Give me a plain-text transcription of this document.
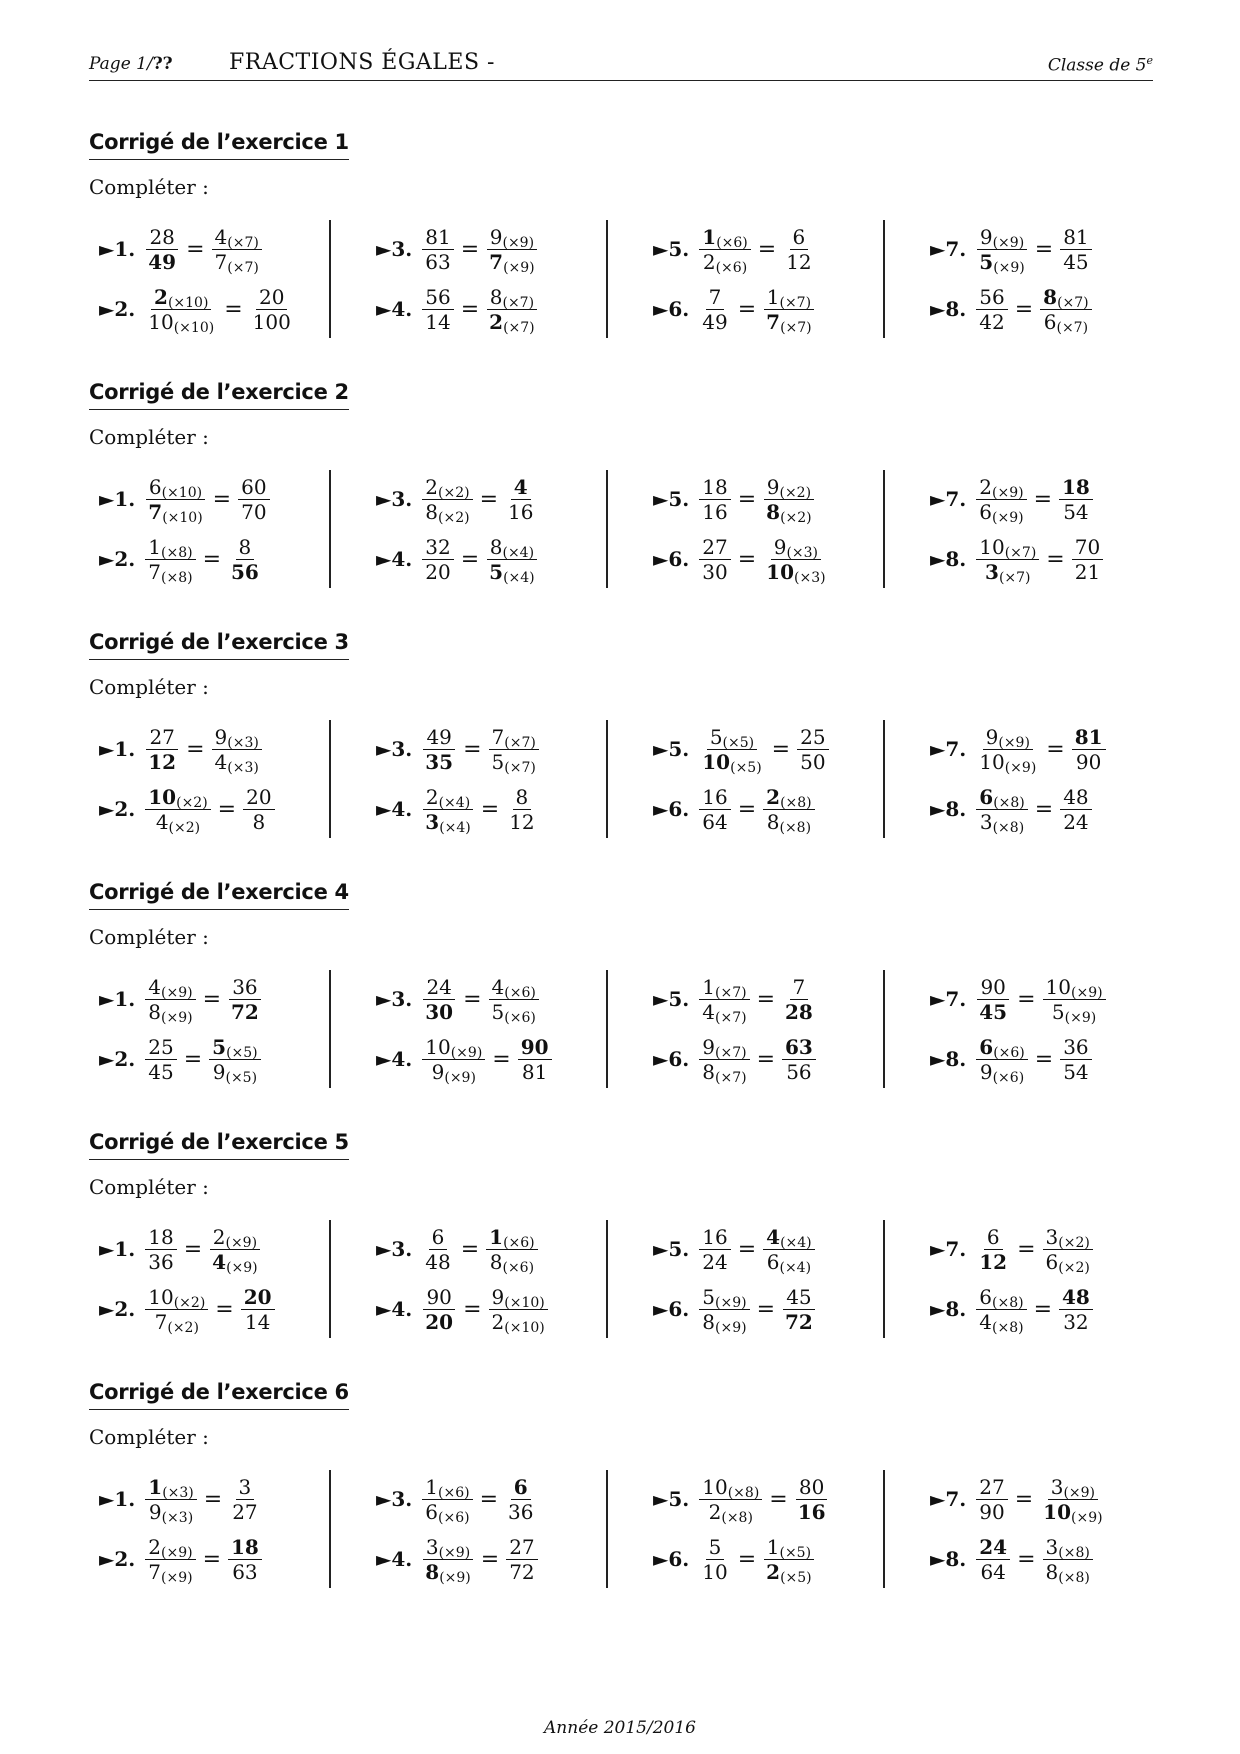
Page 1/??	FRACTIONS ÉGALES -	Classe de 5e
Corrigé de l’exercice 1
Compléter :
►1. $\frac{28}{49} = \frac{4_{(\times 7)}}{7_{(\times 7)}}$
►2. $\frac{2_{(\times 10)}}{10_{(\times 10)}} = \frac{20}{100}$
►3. $\frac{81}{63} = \frac{9_{(\times 9)}}{7_{(\times 9)}}$
►4. $\frac{56}{14} = \frac{8_{(\times 7)}}{2_{(\times 7)}}$
►5. $\frac{1_{(\times 6)}}{2_{(\times 6)}} = \frac{6}{12}$
►6. $\frac{7}{49} = \frac{1_{(\times 7)}}{7_{(\times 7)}}$
►7. $\frac{9_{(\times 9)}}{5_{(\times 9)}} = \frac{81}{45}$
►8. $\frac{56}{42} = \frac{8_{(\times 7)}}{6_{(\times 7)}}$
Corrigé de l’exercice 2
Compléter :
►1. $\frac{6_{(\times 10)}}{7_{(\times 10)}} = \frac{60}{70}$
►2. $\frac{1_{(\times 8)}}{7_{(\times 8)}} = \frac{8}{56}$
►3. $\frac{2_{(\times 2)}}{8_{(\times 2)}} = \frac{4}{16}$
►4. $\frac{32}{20} = \frac{8_{(\times 4)}}{5_{(\times 4)}}$
►5. $\frac{18}{16} = \frac{9_{(\times 2)}}{8_{(\times 2)}}$
►6. $\frac{27}{30} = \frac{9_{(\times 3)}}{10_{(\times 3)}}$
►7. $\frac{2_{(\times 9)}}{6_{(\times 9)}} = \frac{18}{54}$
►8. $\frac{10_{(\times 7)}}{3_{(\times 7)}} = \frac{70}{21}$
Corrigé de l’exercice 3
Compléter :
►1. $\frac{27}{12} = \frac{9_{(\times 3)}}{4_{(\times 3)}}$
►2. $\frac{10_{(\times 2)}}{4_{(\times 2)}} = \frac{20}{8}$
►3. $\frac{49}{35} = \frac{7_{(\times 7)}}{5_{(\times 7)}}$
►4. $\frac{2_{(\times 4)}}{3_{(\times 4)}} = \frac{8}{12}$
►5. $\frac{5_{(\times 5)}}{10_{(\times 5)}} = \frac{25}{50}$
►6. $\frac{16}{64} = \frac{2_{(\times 8)}}{8_{(\times 8)}}$
►7. $\frac{9_{(\times 9)}}{10_{(\times 9)}} = \frac{81}{90}$
►8. $\frac{6_{(\times 8)}}{3_{(\times 8)}} = \frac{48}{24}$
Corrigé de l’exercice 4
Compléter :
►1. $\frac{4_{(\times 9)}}{8_{(\times 9)}} = \frac{36}{72}$
►2. $\frac{25}{45} = \frac{5_{(\times 5)}}{9_{(\times 5)}}$
►3. $\frac{24}{30} = \frac{4_{(\times 6)}}{5_{(\times 6)}}$
►4. $\frac{10_{(\times 9)}}{9_{(\times 9)}} = \frac{90}{81}$
►5. $\frac{1_{(\times 7)}}{4_{(\times 7)}} = \frac{7}{28}$
►6. $\frac{9_{(\times 7)}}{8_{(\times 7)}} = \frac{63}{56}$
►7. $\frac{90}{45} = \frac{10_{(\times 9)}}{5_{(\times 9)}}$
►8. $\frac{6_{(\times 6)}}{9_{(\times 6)}} = \frac{36}{54}$
Corrigé de l’exercice 5
Compléter :
►1. $\frac{18}{36} = \frac{2_{(\times 9)}}{4_{(\times 9)}}$
►2. $\frac{10_{(\times 2)}}{7_{(\times 2)}} = \frac{20}{14}$
►3. $\frac{6}{48} = \frac{1_{(\times 6)}}{8_{(\times 6)}}$
►4. $\frac{90}{20} = \frac{9_{(\times 10)}}{2_{(\times 10)}}$
►5. $\frac{16}{24} = \frac{4_{(\times 4)}}{6_{(\times 4)}}$
►6. $\frac{5_{(\times 9)}}{8_{(\times 9)}} = \frac{45}{72}$
►7. $\frac{6}{12} = \frac{3_{(\times 2)}}{6_{(\times 2)}}$
►8. $\frac{6_{(\times 8)}}{4_{(\times 8)}} = \frac{48}{32}$
Corrigé de l’exercice 6
Compléter :
►1. $\frac{1_{(\times 3)}}{9_{(\times 3)}} = \frac{3}{27}$
►2. $\frac{2_{(\times 9)}}{7_{(\times 9)}} = \frac{18}{63}$
►3. $\frac{1_{(\times 6)}}{6_{(\times 6)}} = \frac{6}{36}$
►4. $\frac{3_{(\times 9)}}{8_{(\times 9)}} = \frac{27}{72}$
►5. $\frac{10_{(\times 8)}}{2_{(\times 8)}} = \frac{80}{16}$
►6. $\frac{5}{10} = \frac{1_{(\times 5)}}{2_{(\times 5)}}$
►7. $\frac{27}{90} = \frac{3_{(\times 9)}}{10_{(\times 9)}}$
►8. $\frac{24}{64} = \frac{3_{(\times 8)}}{8_{(\times 8)}}$
Année 2015/2016
